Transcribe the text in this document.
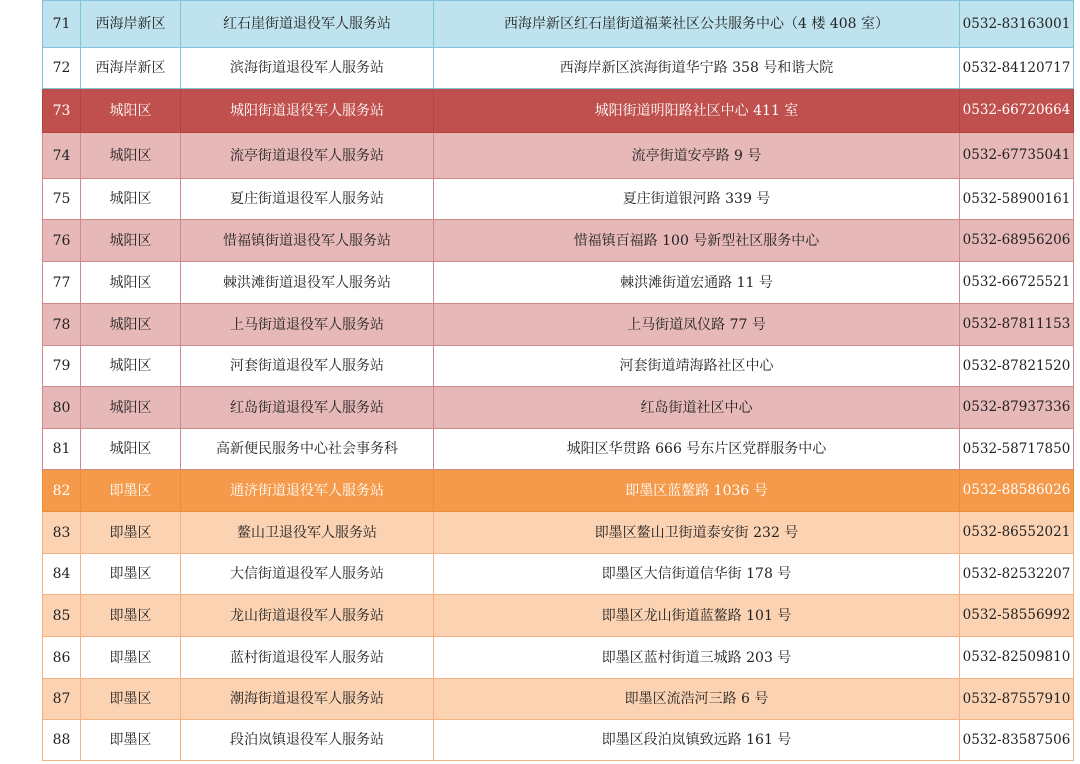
71	西海岸新区	红石崖街道退役军人服务站	西海岸新区红石崖街道福莱社区公共服务中心（4 楼 408 室）	0532-83163001
72	西海岸新区	滨海街道退役军人服务站	西海岸新区滨海街道华宁路 358 号和谐大院	0532-84120717
73	城阳区	城阳街道退役军人服务站	城阳街道明阳路社区中心 411 室	0532-66720664
74	城阳区	流亭街道退役军人服务站	流亭街道安亭路 9 号	0532-67735041
75	城阳区	夏庄街道退役军人服务站	夏庄街道银河路 339 号	0532-58900161
76	城阳区	惜福镇街道退役军人服务站	惜福镇百福路 100 号新型社区服务中心	0532-68956206
77	城阳区	棘洪滩街道退役军人服务站	棘洪滩街道宏通路 11 号	0532-66725521
78	城阳区	上马街道退役军人服务站	上马街道凤仪路 77 号	0532-87811153
79	城阳区	河套街道退役军人服务站	河套街道靖海路社区中心	0532-87821520
80	城阳区	红岛街道退役军人服务站	红岛街道社区中心	0532-87937336
81	城阳区	高新便民服务中心社会事务科	城阳区华贯路 666 号东片区党群服务中心	0532-58717850
82	即墨区	通济街道退役军人服务站	即墨区蓝鳌路 1036 号	0532-88586026
83	即墨区	鳌山卫退役军人服务站	即墨区鳌山卫街道泰安街 232 号	0532-86552021
84	即墨区	大信街道退役军人服务站	即墨区大信街道信华街 178 号	0532-82532207
85	即墨区	龙山街道退役军人服务站	即墨区龙山街道蓝鳌路 101 号	0532-58556992
86	即墨区	蓝村街道退役军人服务站	即墨区蓝村街道三城路 203 号	0532-82509810
87	即墨区	潮海街道退役军人服务站	即墨区流浩河三路 6 号	0532-87557910
88	即墨区	段泊岚镇退役军人服务站	即墨区段泊岚镇致远路 161 号	0532-83587506
